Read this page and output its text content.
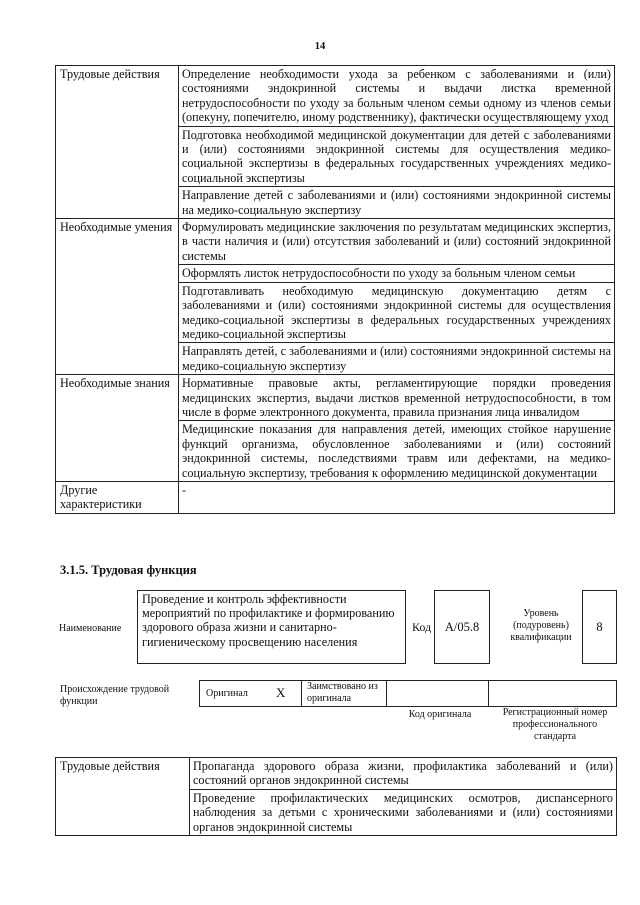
14
Трудовые действия	Определение необходимости ухода за ребенком с заболеваниями и (или) состояниями эндокринной системы и выдачи листка временной нетрудоспособности по уходу за больным членом семьи одному из членов семьи (опекуну, попечителю, иному родственнику), фактически осуществляющему уход
	Подготовка необходимой медицинской документации для детей с заболеваниями и (или) состояниями эндокринной системы для осуществления медико-социальной экспертизы в федеральных государственных учреждениях медико-социальной экспертизы
	Направление детей с заболеваниями и (или) состояниями эндокринной системы на медико-социальную экспертизу
Необходимые умения	Формулировать медицинские заключения по результатам медицинских экспертиз, в части наличия и (или) отсутствия заболеваний и (или) состояний эндокринной системы
	Оформлять листок нетрудоспособности по уходу за больным членом семьи
	Подготавливать необходимую медицинскую документацию детям с заболеваниями и (или) состояниями эндокринной системы для осуществления медико-социальной экспертизы в федеральных государственных учреждениях медико-социальной экспертизы
	Направлять детей, с заболеваниями и (или) состояниями эндокринной системы на медико-социальную экспертизу
Необходимые знания	Нормативные правовые акты, регламентирующие порядки проведения медицинских экспертиз, выдачи листков временной нетрудоспособности, в том числе в форме электронного документа, правила признания лица инвалидом
	Медицинские показания для направления детей, имеющих стойкое нарушение функций организма, обусловленное заболеваниями и (или) состояний эндокринной системы, последствиями травм или дефектами, на медико-социальную экспертизу, требования к оформлению медицинской документации
Другие характеристики	-
3.1.5. Трудовая функция
Наименование
Проведение и контроль эффективности мероприятий по профилактике и формированию здорового образа жизни и санитарно-гигиеническому просвещению населения
Код A/05.8
Уровень (подуровень) квалификации
8
Происхождение трудовой функции
Оригинал X Заимствовано из оригинала
Код оригинала	Регистрационный номер профессионального стандарта
Трудовые действия	Пропаганда здорового образа жизни, профилактика заболеваний и (или) состояний органов эндокринной системы
Проведение профилактических медицинских осмотров, диспансерного наблюдения за детьми с хроническими заболеваниями и (или) состояниями органов эндокринной системы
